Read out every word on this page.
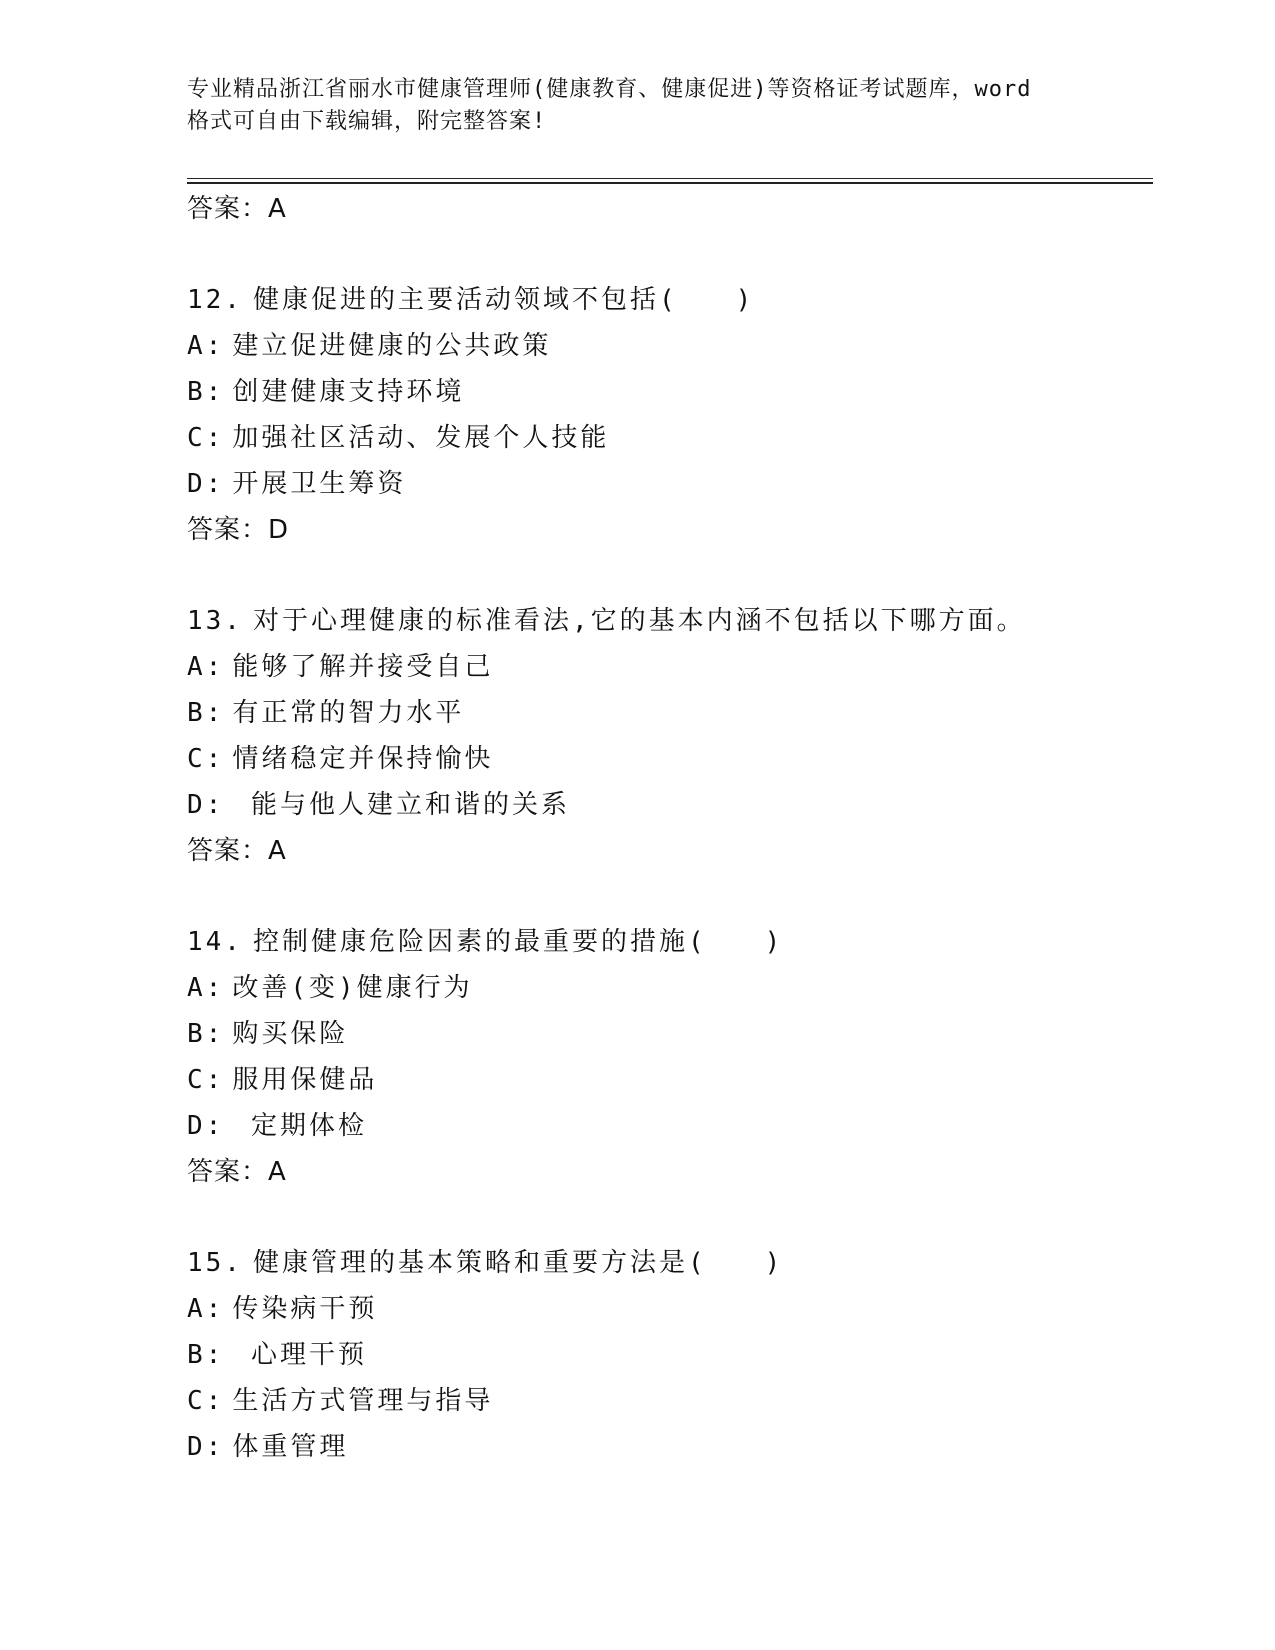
专业精品浙江省丽水市健康管理师(健康教育、健康促进)等资格证考试题库，word
格式可自由下载编辑，附完整答案!
答案：A
12. 健康促进的主要活动领域不包括(　　)
A: 建立促进健康的公共政策
B: 创建健康支持环境
C: 加强社区活动、发展个人技能
D: 开展卫生筹资
答案：D
13. 对于心理健康的标准看法,它的基本内涵不包括以下哪方面。
A: 能够了解并接受自己
B: 有正常的智力水平
C: 情绪稳定并保持愉快
D: 能与他人建立和谐的关系
答案：A
14. 控制健康危险因素的最重要的措施(　　)
A: 改善(变)健康行为
B: 购买保险
C: 服用保健品
D: 定期体检
答案：A
15. 健康管理的基本策略和重要方法是(　　)
A: 传染病干预
B: 心理干预
C: 生活方式管理与指导
D: 体重管理
